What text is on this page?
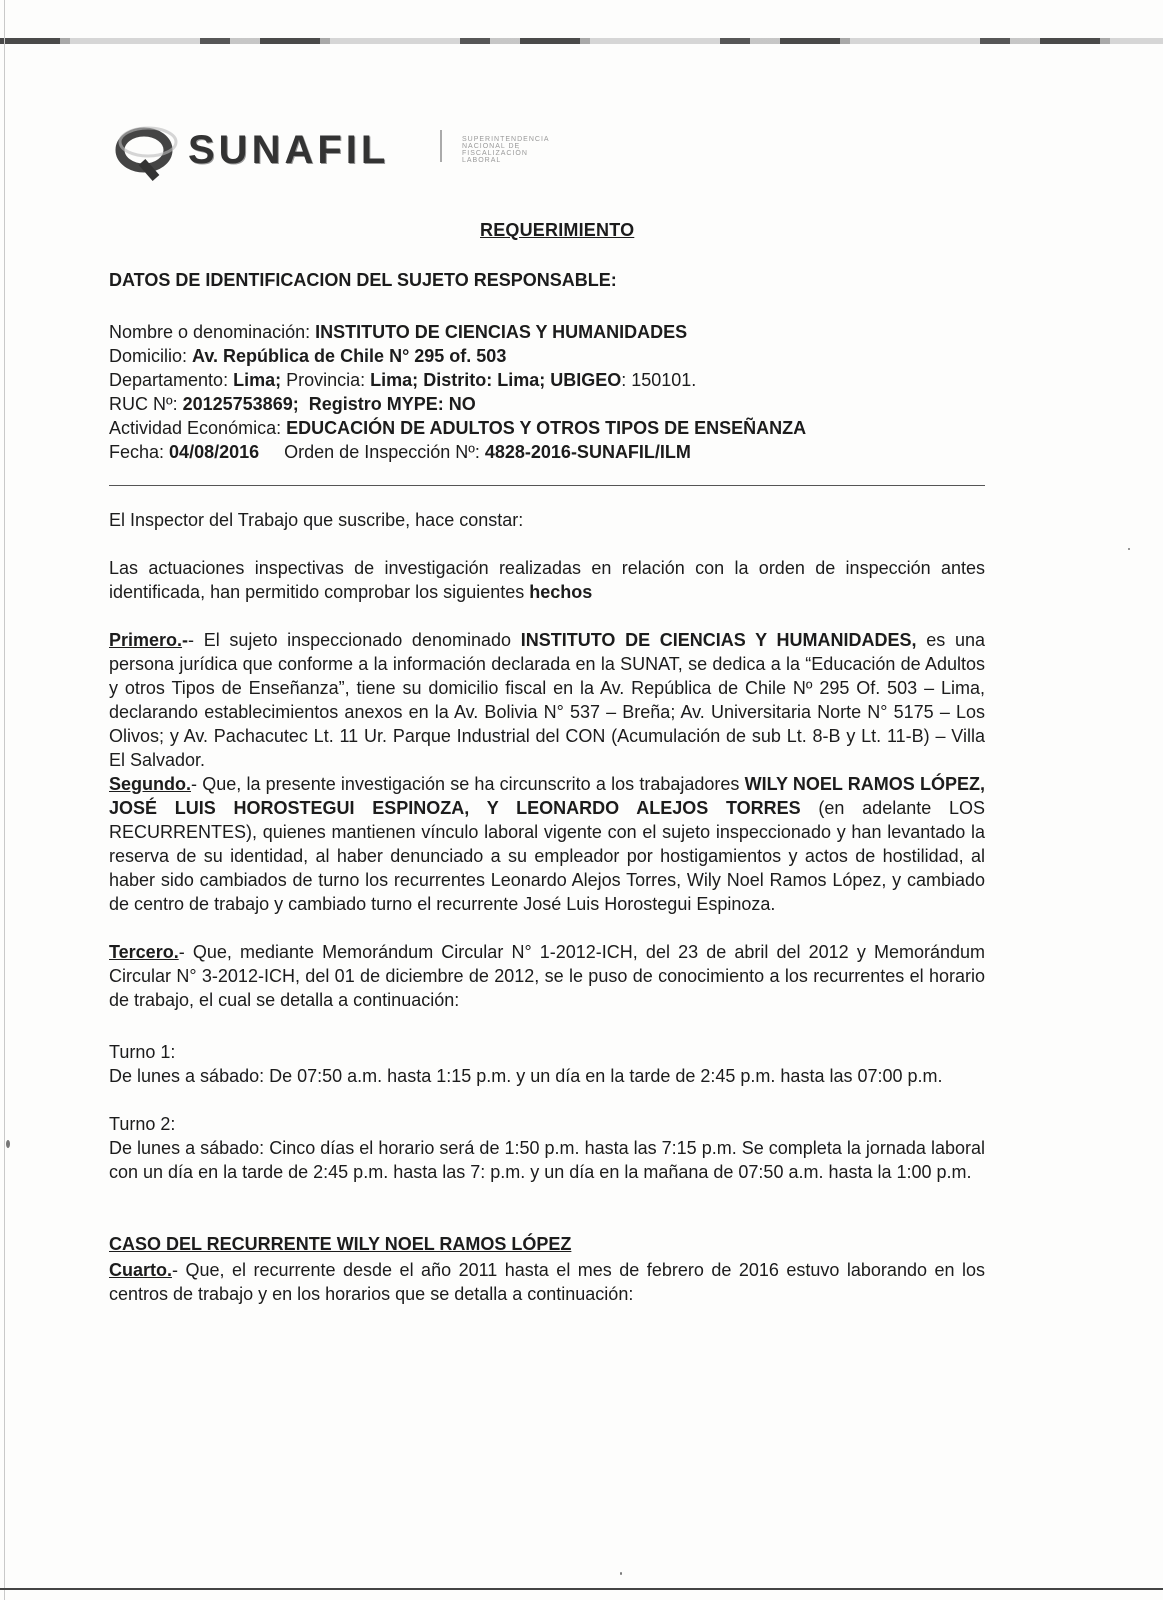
SUNAFIL	SUPERINTENDENCIA NACIONAL DE FISCALIZACIÓN LABORAL
REQUERIMIENTO
DATOS DE IDENTIFICACION DEL SUJETO RESPONSABLE:
Nombre o denominación: INSTITUTO DE CIENCIAS Y HUMANIDADES
Domicilio: Av. República de Chile N° 295 of. 503
Departamento: Lima; Provincia: Lima; Distrito: Lima; UBIGEO: 150101.
RUC Nº: 20125753869; Registro MYPE: NO
Actividad Económica: EDUCACIÓN DE ADULTOS Y OTROS TIPOS DE ENSEÑANZA
Fecha: 04/08/2016 Orden de Inspección Nº: 4828-2016-SUNAFIL/ILM

El Inspector del Trabajo que suscribe, hace constar:

Las actuaciones inspectivas de investigación realizadas en relación con la orden de inspección antes identificada, han permitido comprobar los siguientes hechos

Primero.-- El sujeto inspeccionado denominado INSTITUTO DE CIENCIAS Y HUMANIDADES, es una persona jurídica que conforme a la información declarada en la SUNAT, se dedica a la “Educación de Adultos y otros Tipos de Enseñanza”, tiene su domicilio fiscal en la Av. República de Chile Nº 295 Of. 503 – Lima, declarando establecimientos anexos en la Av. Bolivia N° 537 – Breña; Av. Universitaria Norte N° 5175 – Los Olivos; y Av. Pachacutec Lt. 11 Ur. Parque Industrial del CON (Acumulación de sub Lt. 8-B y Lt. 11-B) – Villa El Salvador.

Segundo.- Que, la presente investigación se ha circunscrito a los trabajadores WILY NOEL RAMOS LÓPEZ, JOSÉ LUIS HOROSTEGUI ESPINOZA, Y LEONARDO ALEJOS TORRES (en adelante LOS RECURRENTES), quienes mantienen vínculo laboral vigente con el sujeto inspeccionado y han levantado la reserva de su identidad, al haber denunciado a su empleador por hostigamientos y actos de hostilidad, al haber sido cambiados de turno los recurrentes Leonardo Alejos Torres, Wily Noel Ramos López, y cambiado de centro de trabajo y cambiado turno el recurrente José Luis Horostegui Espinoza.

Tercero.- Que, mediante Memorándum Circular N° 1-2012-ICH, del 23 de abril del 2012 y Memorándum Circular N° 3-2012-ICH, del 01 de diciembre de 2012, se le puso de conocimiento a los recurrentes el horario de trabajo, el cual se detalla a continuación:

Turno 1:

De lunes a sábado: De 07:50 a.m. hasta 1:15 p.m. y un día en la tarde de 2:45 p.m. hasta las 07:00 p.m.

Turno 2:

De lunes a sábado: Cinco días el horario será de 1:50 p.m. hasta las 7:15 p.m. Se completa la jornada laboral con un día en la tarde de 2:45 p.m. hasta las 7: p.m. y un día en la mañana de 07:50 a.m. hasta la 1:00 p.m.

CASO DEL RECURRENTE WILY NOEL RAMOS LÓPEZ

Cuarto.- Que, el recurrente desde el año 2011 hasta el mes de febrero de 2016 estuvo laborando en los centros de trabajo y en los horarios que se detalla a continuación:
